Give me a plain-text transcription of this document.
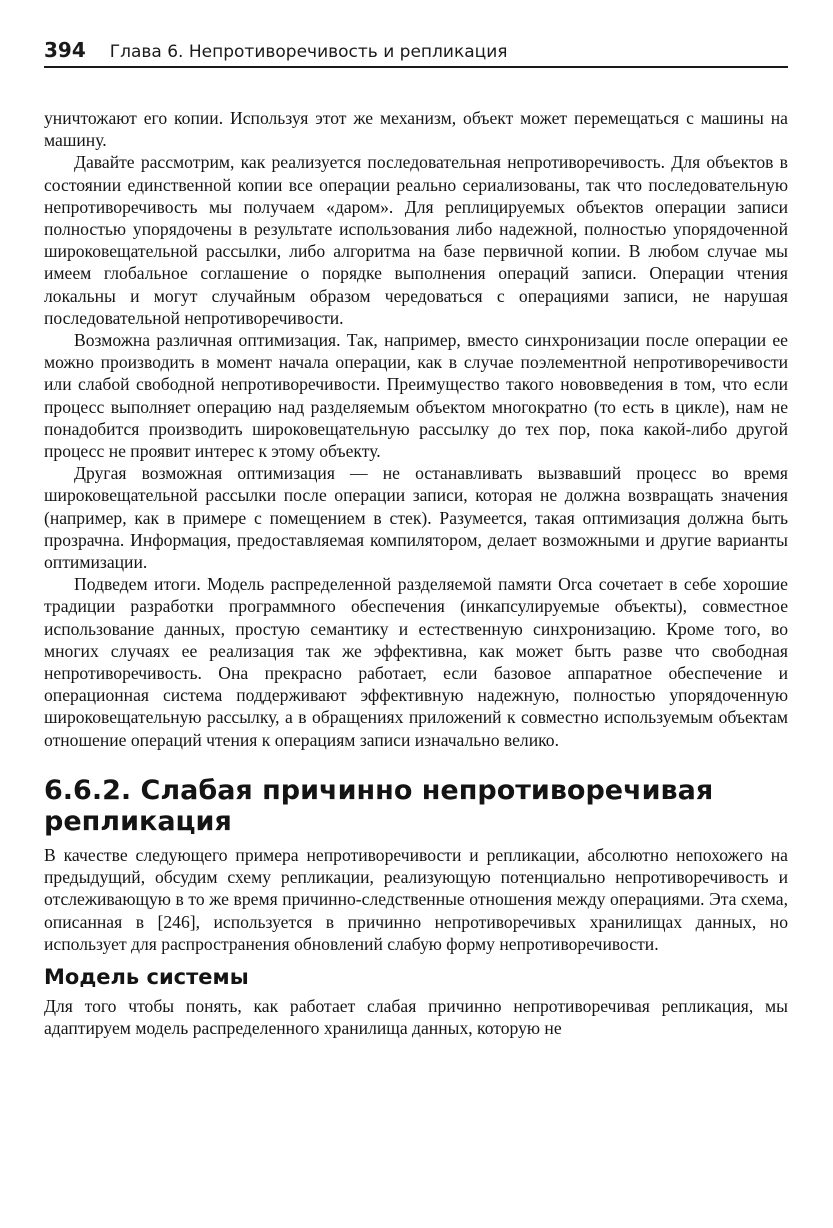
394 Глава 6. Непротиворечивость и репликация

уничтожают его копии. Используя этот же механизм, объект может перемещаться с машины на машину.

Давайте рассмотрим, как реализуется последовательная непротиворечивость. Для объектов в состоянии единственной копии все операции реально сериализованы, так что последовательную непротиворечивость мы получаем «даром». Для реплицируемых объектов операции записи полностью упорядочены в результате использования либо надежной, полностью упорядоченной широковещательной рассылки, либо алгоритма на базе первичной копии. В любом случае мы имеем глобальное соглашение о порядке выполнения операций записи. Операции чтения локальны и могут случайным образом чередоваться с операциями записи, не нарушая последовательной непротиворечивости.

Возможна различная оптимизация. Так, например, вместо синхронизации после операции ее можно производить в момент начала операции, как в случае поэлементной непротиворечивости или слабой свободной непротиворечивости. Преимущество такого нововведения в том, что если процесс выполняет операцию над разделяемым объектом многократно (то есть в цикле), нам не понадобится производить широковещательную рассылку до тех пор, пока какой-либо другой процесс не проявит интерес к этому объекту.

Другая возможная оптимизация — не останавливать вызвавший процесс во время широковещательной рассылки после операции записи, которая не должна возвращать значения (например, как в примере с помещением в стек). Разумеется, такая оптимизация должна быть прозрачна. Информация, предоставляемая компилятором, делает возможными и другие варианты оптимизации.

Подведем итоги. Модель распределенной разделяемой памяти Orca сочетает в себе хорошие традиции разработки программного обеспечения (инкапсулируемые объекты), совместное использование данных, простую семантику и естественную синхронизацию. Кроме того, во многих случаях ее реализация так же эффективна, как может быть разве что свободная непротиворечивость. Она прекрасно работает, если базовое аппаратное обеспечение и операционная система поддерживают эффективную надежную, полностью упорядоченную широковещательную рассылку, а в обращениях приложений к совместно используемым объектам отношение операций чтения к операциям записи изначально велико.

6.6.2. Слабая причинно непротиворечивая репликация

В качестве следующего примера непротиворечивости и репликации, абсолютно непохожего на предыдущий, обсудим схему репликации, реализующую потенциально непротиворечивость и отслеживающую в то же время причинно-следственные отношения между операциями. Эта схема, описанная в [246], используется в причинно непротиворечивых хранилищах данных, но использует для распространения обновлений слабую форму непротиворечивости.

Модель системы

Для того чтобы понять, как работает слабая причинно непротиворечивая репликация, мы адаптируем модель распределенного хранилища данных, которую не
